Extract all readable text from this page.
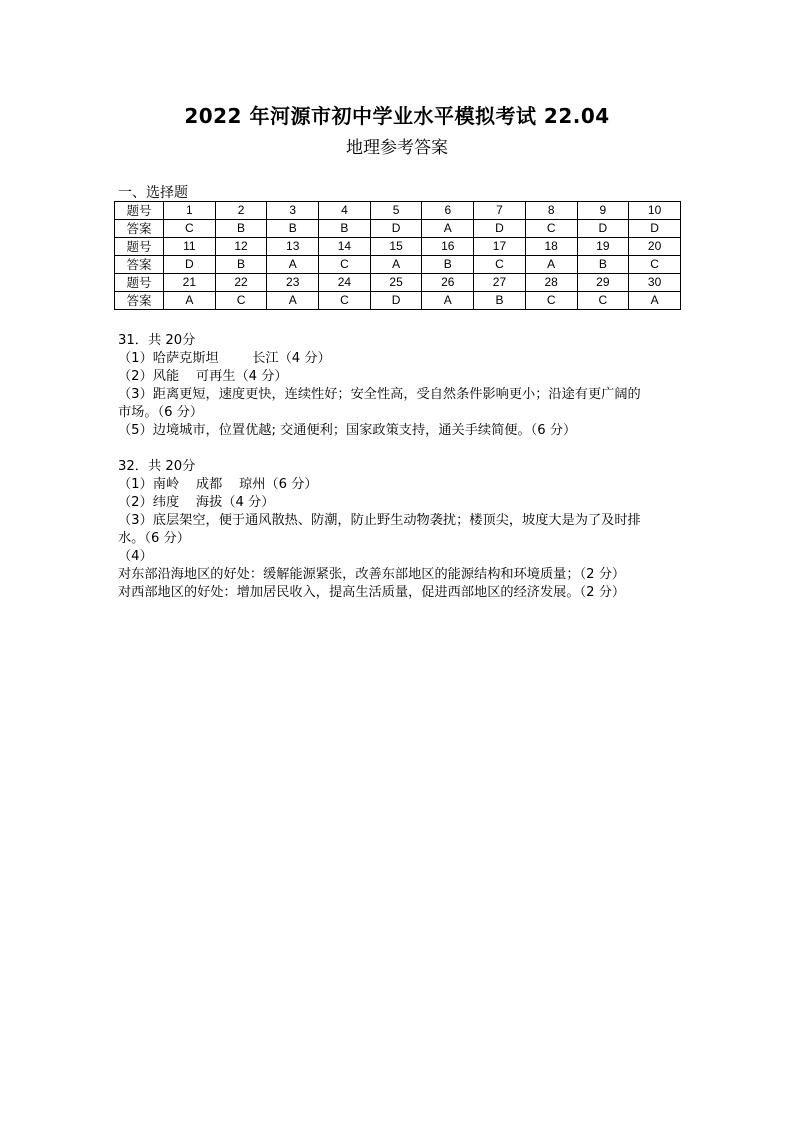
2022 年河源市初中学业水平模拟考试 22.04
地理参考答案
一、选择题
题号	1	2	3	4	5	6	7	8	9	10
答案	C	B	B	B	D	A	D	C	D	D
题号	11	12	13	14	15	16	17	18	19	20
答案	D	B	A	C	A	B	C	A	B	C
题号	21	22	23	24	25	26	27	28	29	30
答案	A	C	A	C	D	A	B	C	C	A

31．共 20分

（1）哈萨克斯坦        长江（4 分）

（2）风能    可再生（4 分）

（3）距离更短，速度更快，连续性好；安全性高，受自然条件影响更小；沿途有更广阔的

市场。（6 分）

（5）边境城市，位置优越; 交通便利；国家政策支持，通关手续简便。（6 分）

32．共 20分

（1）南岭    成都    琼州（6 分）

（2）纬度    海拔（4 分）

（3）底层架空，便于通风散热、防潮，防止野生动物袭扰；楼顶尖，坡度大是为了及时排

水。（6 分）

（4）

对东部沿海地区的好处：缓解能源紧张，改善东部地区的能源结构和环境质量；（2 分）

对西部地区的好处：增加居民收入，提高生活质量，促进西部地区的经济发展。（2 分）
